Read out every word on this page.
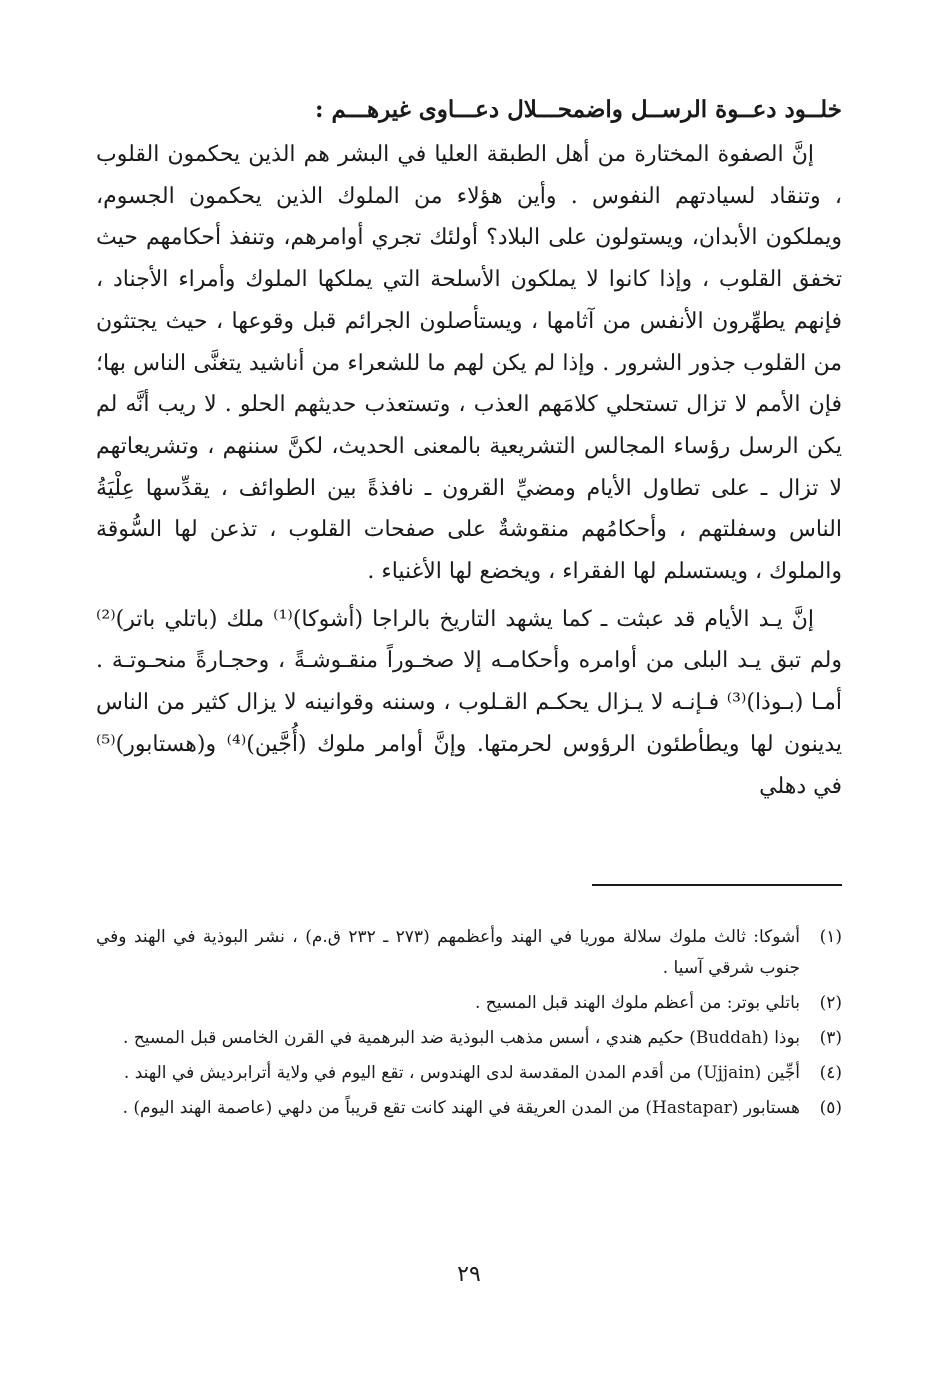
خلــود دعــوة الرســل واضمحـــلال دعـــاوى غيرهـــم :

إنَّ الصفوة المختارة من أهل الطبقة العليا في البشر هم الذين يحكمون القلوب ، وتنقاد لسيادتهم النفوس . وأين هؤلاء من الملوك الذين يحكمون الجسوم، ويملكون الأبدان، ويستولون على البلاد؟ أولئك تجري أوامرهم، وتنفذ أحكامهم حيث تخفق القلوب ، وإذا كانوا لا يملكون الأسلحة التي يملكها الملوك وأمراء الأجناد ، فإنهم يطهِّرون الأنفس من آثامها ، ويستأصلون الجرائم قبل وقوعها ، حيث يجتثون من القلوب جذور الشرور . وإذا لم يكن لهم ما للشعراء من أناشيد يتغنَّى الناس بها؛ فإن الأمم لا تزال تستحلي كلامَهم العذب ، وتستعذب حديثهم الحلو . لا ريب أنَّه لم يكن الرسل رؤساء المجالس التشريعية بالمعنى الحديث، لكنَّ سننهم ، وتشريعاتهم لا تزال ـ على تطاول الأيام ومضيِّ القرون ـ نافذةً بين الطوائف ، يقدِّسها عِلْيَةُ الناس وسفلتهم ، وأحكامُهم منقوشةٌ على صفحات القلوب ، تذعن لها السُّوقة والملوك ، ويستسلم لها الفقراء ، ويخضع لها الأغنياء .

إنَّ يـد الأيام قد عبثت ـ كما يشهد التاريخ بالراجا (أشوكا)⁽¹⁾ ملك (باتلي باتر)⁽²⁾ ولم تبق يـد البلى من أوامره وأحكامـه إلا صخـوراً منقـوشـةً ، وحجـارةً منحـوتـة . أمـا (بـوذا)⁽³⁾ فـإنـه لا يـزال يحكـم القـلوب ، وسننه وقوانينه لا يزال كثير من الناس يدينون لها ويطأطئون الرؤوس لحرمتها. وإنَّ أوامر ملوك (أُجَّين)⁽⁴⁾ و(هستابور)⁽⁵⁾ في دهلي

(١)
أشوكا: ثالث ملوك سلالة موريا في الهند وأعظمهم (٢٧٣ ـ ٢٣٢ ق.م) ، نشر البوذية في الهند وفي جنوب شرقي آسيا .
(٢)
باتلي بوتر: من أعظم ملوك الهند قبل المسيح .
(٣)
بوذا (Buddah) حكيم هندي ، أسس مذهب البوذية ضد البرهمية في القرن الخامس قبل المسيح .
(٤)
أجِّين (Ujjain) من أقدم المدن المقدسة لدى الهندوس ، تقع اليوم في ولاية أترابرديش في الهند .
(٥)
هستابور (Hastapar) من المدن العريقة في الهند كانت تقع قريباً من دلهي (عاصمة الهند اليوم) .
٢٩
